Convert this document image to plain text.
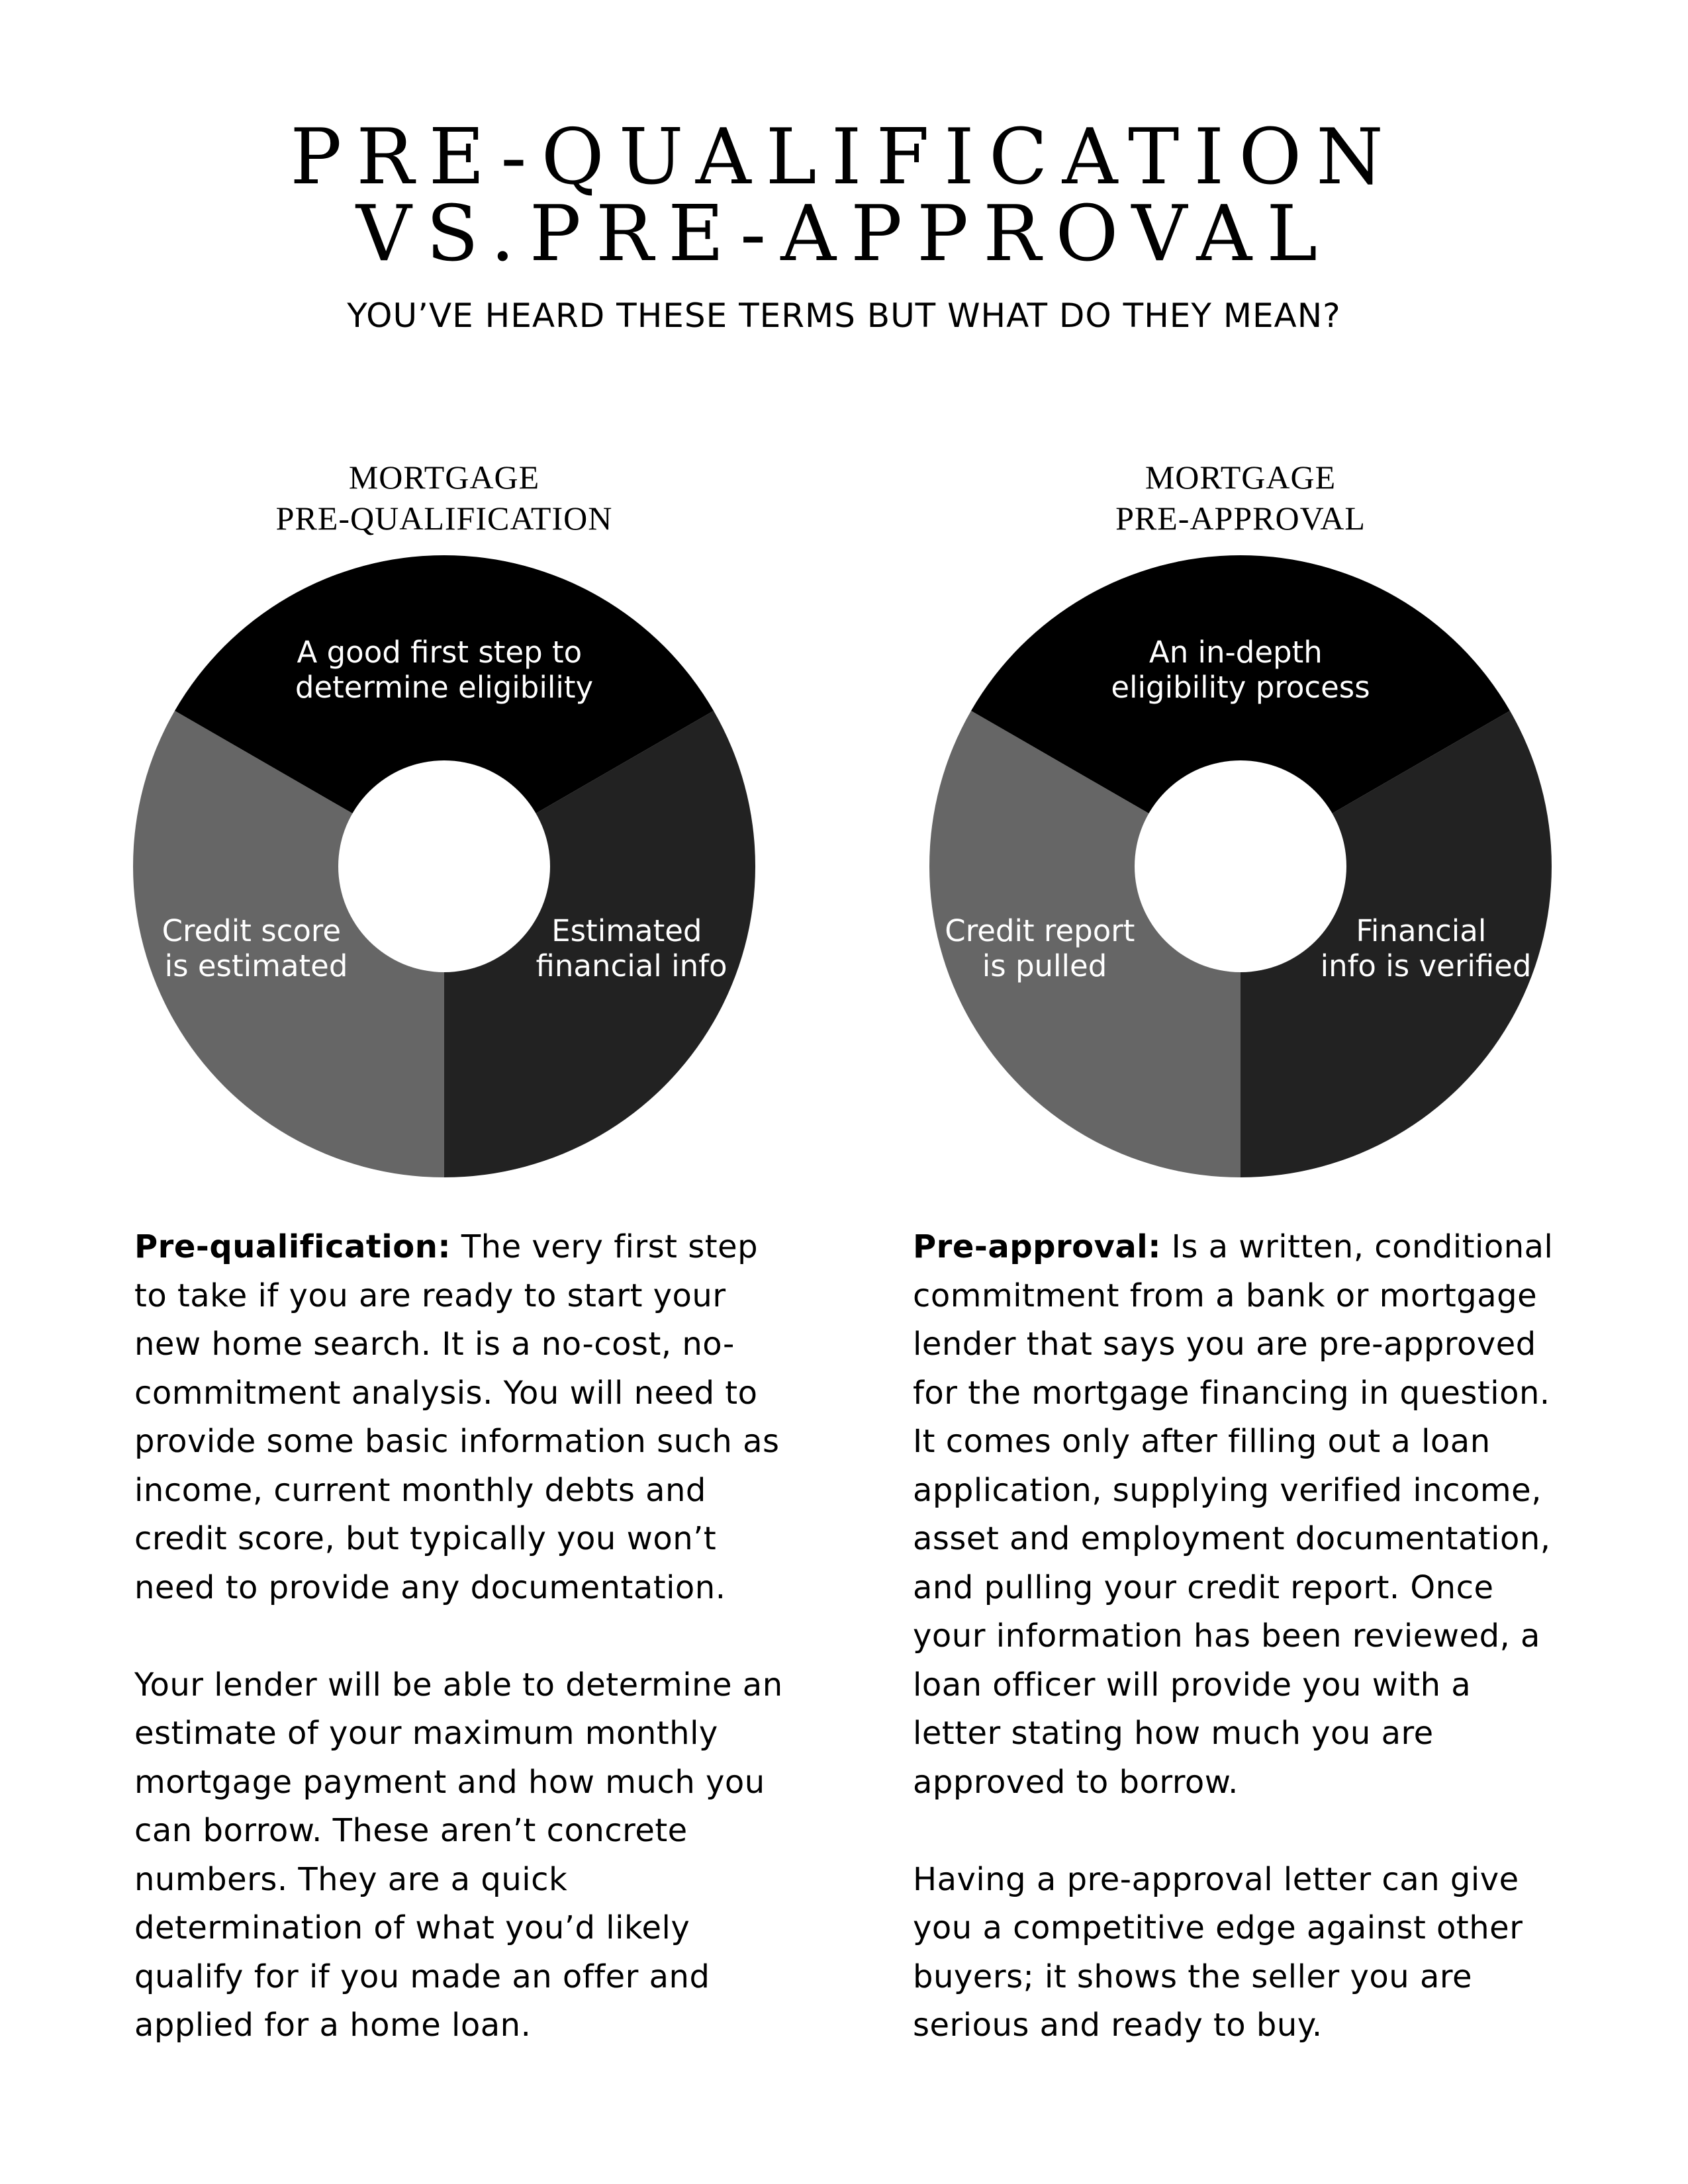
PRE-QUALIFICATION
VS.PRE-APPROVAL
YOU’VE HEARD THESE TERMS BUT WHAT DO THEY MEAN?
MORTGAGE
PRE-QUALIFICATION
A good first step to determine eligibility
Estimated financial info
Credit score is estimated

Pre-qualification: The very first step to take if you are ready to start your new home search. It is a no-cost, no-commitment analysis. You will need to provide some basic information such as income, current monthly debts and credit score, but typically you won’t need to provide any documentation.

Your lender will be able to determine an estimate of your maximum monthly mortgage payment and how much you can borrow. These aren’t concrete numbers. They are a quick determination of what you’d likely qualify for if you made an offer and applied for a home loan.

MORTGAGE
PRE-APPROVAL
An in-depth eligibility process
Financial info is verified
Credit report is pulled

Pre-approval: Is a written, conditional commitment from a bank or mortgage lender that says you are pre-approved for the mortgage financing in question. It comes only after filling out a loan application, supplying verified income, asset and employment documentation, and pulling your credit report. Once your information has been reviewed, a loan officer will provide you with a letter stating how much you are approved to borrow.

Having a pre-approval letter can give you a competitive edge against other buyers; it shows the seller you are serious and ready to buy.
